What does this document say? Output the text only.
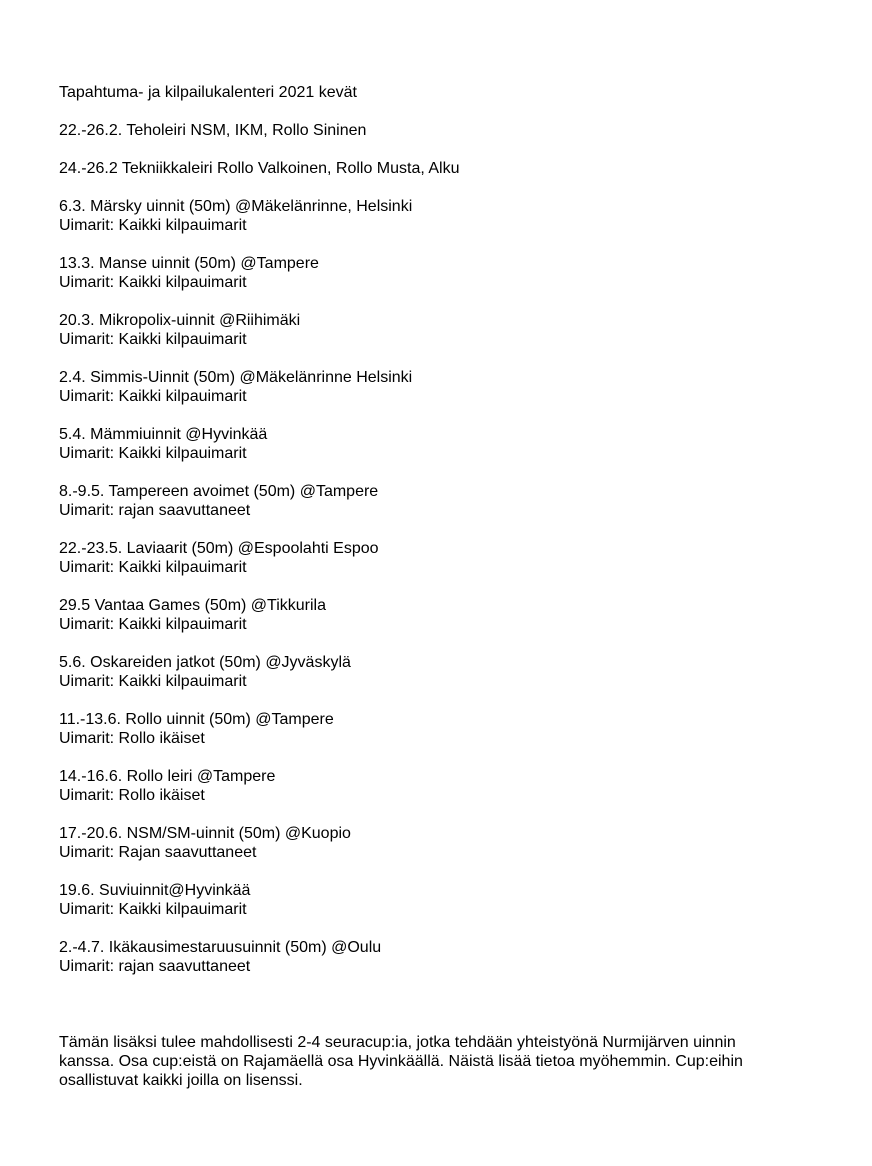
Tapahtuma- ja kilpailukalenteri 2021 kevät
22.-26.2. Teholeiri NSM, IKM, Rollo Sininen
24.-26.2 Tekniikkaleiri Rollo Valkoinen, Rollo Musta, Alku
6.3. Märsky uinnit (50m) @Mäkelänrinne, Helsinki
Uimarit: Kaikki kilpauimarit
13.3. Manse uinnit (50m) @Tampere
Uimarit: Kaikki kilpauimarit
20.3. Mikropolix-uinnit @Riihimäki
Uimarit: Kaikki kilpauimarit
2.4. Simmis-Uinnit (50m) @Mäkelänrinne Helsinki
Uimarit: Kaikki kilpauimarit
5.4. Mämmiuinnit @Hyvinkää
Uimarit: Kaikki kilpauimarit
8.-9.5. Tampereen avoimet (50m) @Tampere
Uimarit: rajan saavuttaneet
22.-23.5. Laviaarit (50m) @Espoolahti Espoo
Uimarit: Kaikki kilpauimarit
29.5 Vantaa Games (50m) @Tikkurila
Uimarit: Kaikki kilpauimarit
5.6. Oskareiden jatkot (50m) @Jyväskylä
Uimarit: Kaikki kilpauimarit
11.-13.6. Rollo uinnit (50m) @Tampere
Uimarit: Rollo ikäiset
14.-16.6. Rollo leiri @Tampere
Uimarit: Rollo ikäiset
17.-20.6. NSM/SM-uinnit (50m) @Kuopio
Uimarit: Rajan saavuttaneet
19.6. Suviuinnit@Hyvinkää
Uimarit: Kaikki kilpauimarit
2.-4.7. Ikäkausimestaruusuinnit (50m) @Oulu
Uimarit: rajan saavuttaneet
Tämän lisäksi tulee mahdollisesti 2-4 seuracup:ia, jotka tehdään yhteistyönä Nurmijärven uinnin
kanssa. Osa cup:eistä on Rajamäellä osa Hyvinkäällä. Näistä lisää tietoa myöhemmin. Cup:eihin
osallistuvat kaikki joilla on lisenssi.
